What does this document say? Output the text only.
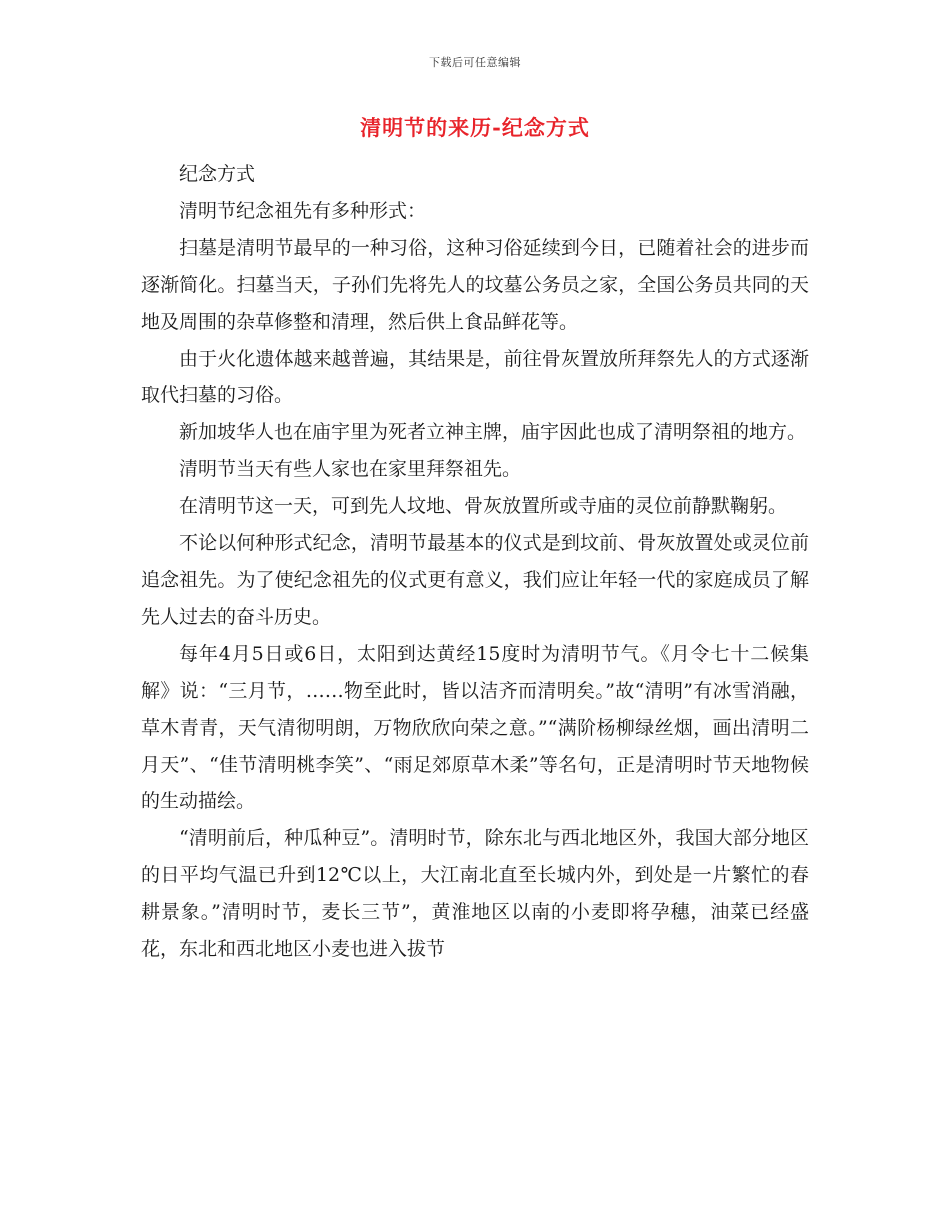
下载后可任意编辑
清明节的来历-纪念方式

纪念方式

清明节纪念祖先有多种形式：

扫墓是清明节最早的一种习俗，这种习俗延续到今日，已随着社会的进步而逐渐简化。扫墓当天，子孙们先将先人的坟墓公务员之家，全国公务员共同的天地及周围的杂草修整和清理，然后供上食品鲜花等。

由于火化遗体越来越普遍，其结果是，前往骨灰置放所拜祭先人的方式逐渐取代扫墓的习俗。

新加坡华人也在庙宇里为死者立神主牌，庙宇因此也成了清明祭祖的地方。

清明节当天有些人家也在家里拜祭祖先。

在清明节这一天，可到先人坟地、骨灰放置所或寺庙的灵位前静默鞠躬。

不论以何种形式纪念，清明节最基本的仪式是到坟前、骨灰放置处或灵位前追念祖先。为了使纪念祖先的仪式更有意义，我们应让年轻一代的家庭成员了解先人过去的奋斗历史。

每年4月5日或6日，太阳到达黄经15度时为清明节气。《月令七十二候集解》说：“三月节，……物至此时，皆以洁齐而清明矣。”故“清明”有冰雪消融，草木青青，天气清彻明朗，万物欣欣向荣之意。”“满阶杨柳绿丝烟，画出清明二月天”、“佳节清明桃李笑”、“雨足郊原草木柔”等名句，正是清明时节天地物候的生动描绘。

“清明前后，种瓜种豆”。清明时节，除东北与西北地区外，我国大部分地区的日平均气温已升到12℃以上，大江南北直至长城内外，到处是一片繁忙的春耕景象。”清明时节，麦长三节”，黄淮地区以南的小麦即将孕穗，油菜已经盛花，东北和西北地区小麦也进入拔节
